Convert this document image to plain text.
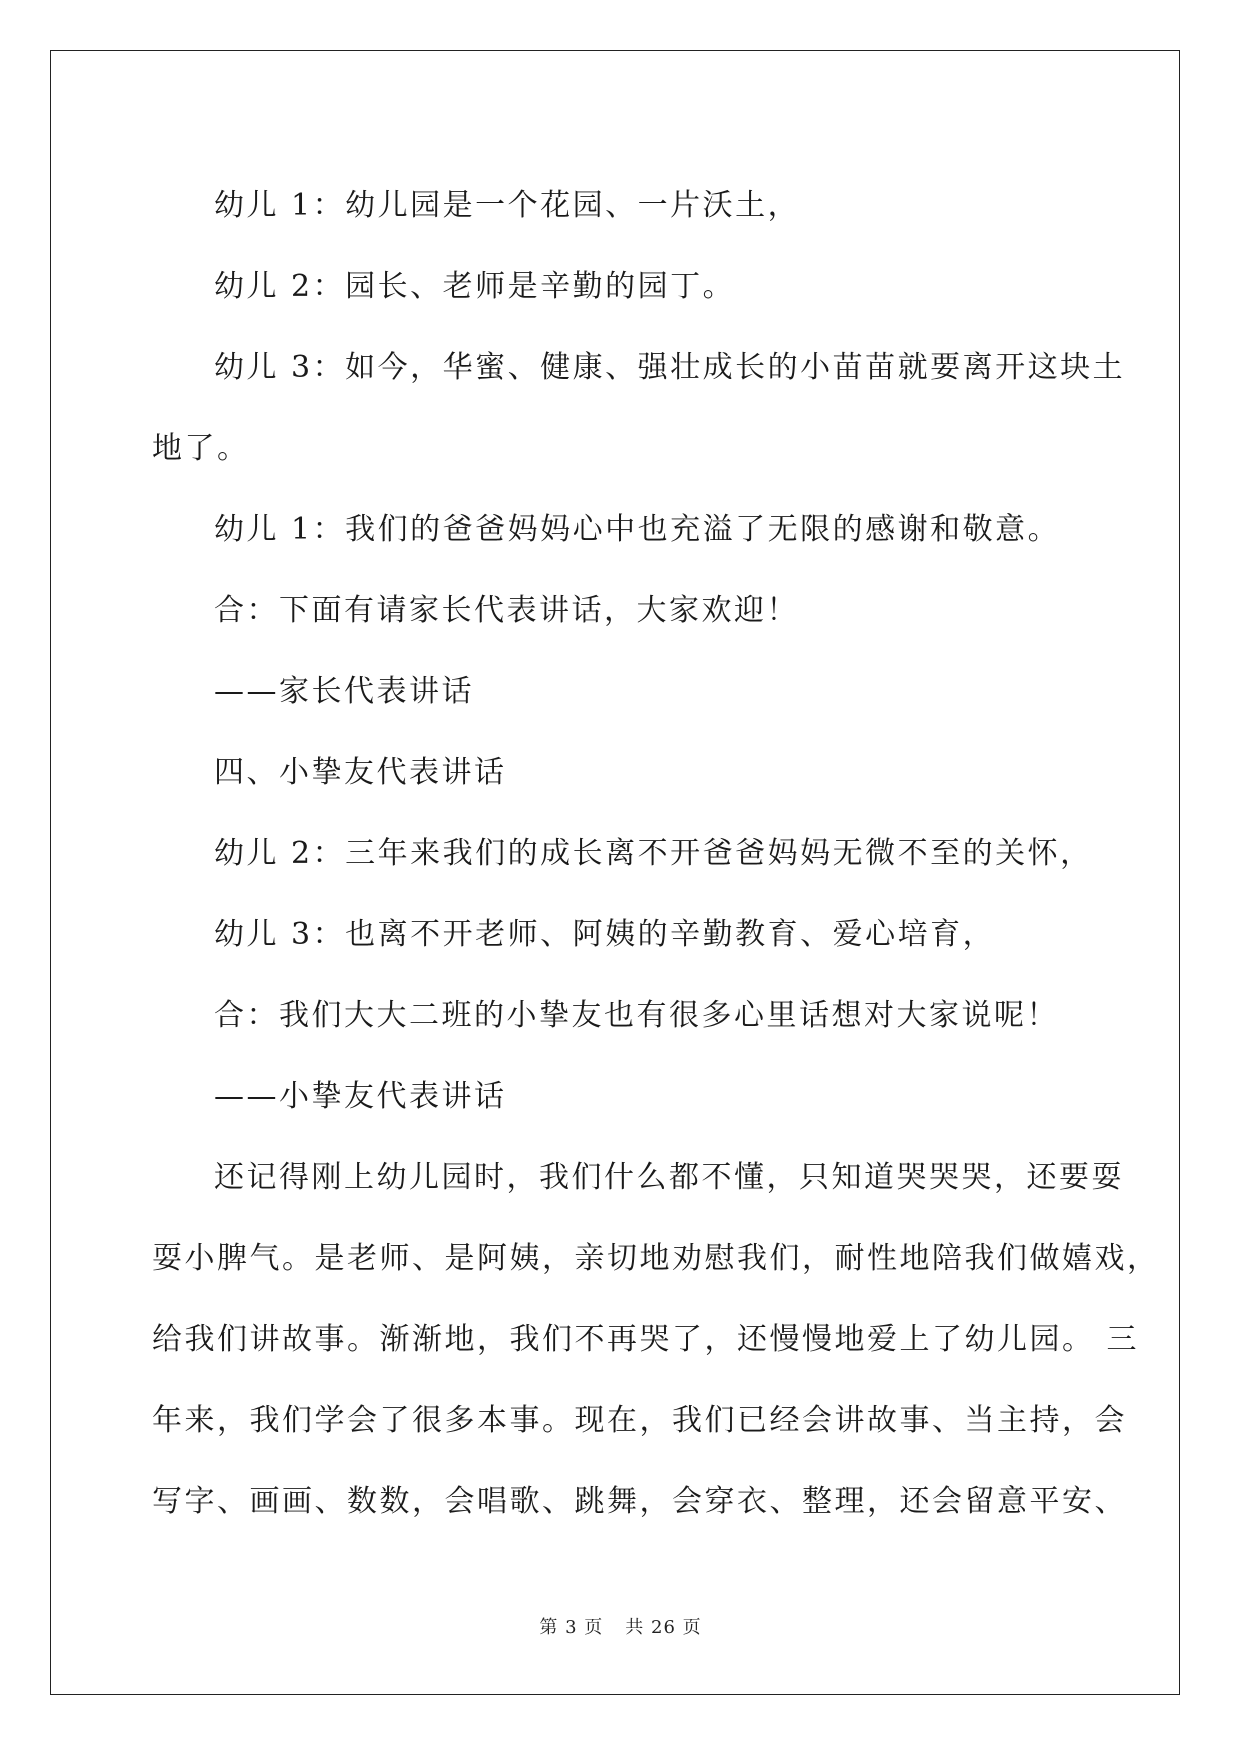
幼儿 1：幼儿园是一个花园、一片沃土，
幼儿 2：园长、老师是辛勤的园丁。
幼儿 3：如今，华蜜、健康、强壮成长的小苗苗就要离开这块土
地了。
幼儿 1：我们的爸爸妈妈心中也充溢了无限的感谢和敬意。
合：下面有请家长代表讲话，大家欢迎！
——家长代表讲话
四、小挚友代表讲话
幼儿 2：三年来我们的成长离不开爸爸妈妈无微不至的关怀，
幼儿 3：也离不开老师、阿姨的辛勤教育、爱心培育，
合：我们大大二班的小挚友也有很多心里话想对大家说呢！
——小挚友代表讲话
还记得刚上幼儿园时，我们什么都不懂，只知道哭哭哭，还要耍
耍小脾气。是老师、是阿姨，亲切地劝慰我们，耐性地陪我们做嬉戏，
给我们讲故事。渐渐地，我们不再哭了，还慢慢地爱上了幼儿园。 三
年来，我们学会了很多本事。现在，我们已经会讲故事、当主持，会
写字、画画、数数，会唱歌、跳舞，会穿衣、整理，还会留意平安、
第 3 页 共 26 页
